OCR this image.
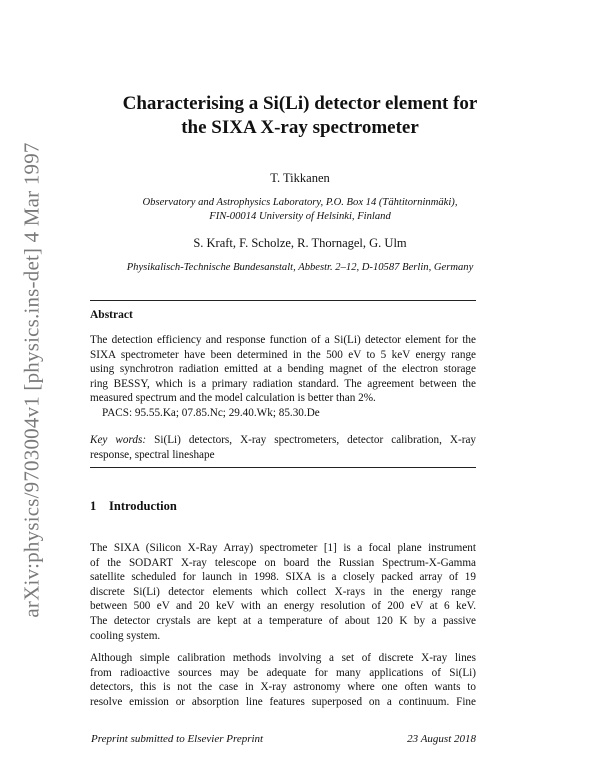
arXiv:physics/9703004v1 [physics.ins-det] 4 Mar 1997
Characterising a Si(Li) detector element for
the SIXA X-ray spectrometer
T. Tikkanen
Observatory and Astrophysics Laboratory, P.O. Box 14 (Tähtitorninmäki),
FIN-00014 University of Helsinki, Finland
S. Kraft, F. Scholze, R. Thornagel, G. Ulm
Physikalisch-Technische Bundesanstalt, Abbestr. 2–12, D-10587 Berlin, Germany
Abstract
The detection efficiency and response function of a Si(Li) detector element for the
SIXA spectrometer have been determined in the 500 eV to 5 keV energy range
using synchrotron radiation emitted at a bending magnet of the electron storage
ring BESSY, which is a primary radiation standard. The agreement between the
measured spectrum and the model calculation is better than 2%.
PACS: 95.55.Ka; 07.85.Nc; 29.40.Wk; 85.30.De
Key words: Si(Li) detectors, X-ray spectrometers, detector calibration, X-ray
response, spectral lineshape
1 Introduction
The SIXA (Silicon X-Ray Array) spectrometer [1] is a focal plane instrument
of the SODART X-ray telescope on board the Russian Spectrum-X-Gamma
satellite scheduled for launch in 1998. SIXA is a closely packed array of 19
discrete Si(Li) detector elements which collect X-rays in the energy range
between 500 eV and 20 keV with an energy resolution of 200 eV at 6 keV.
The detector crystals are kept at a temperature of about 120 K by a passive
cooling system.
Although simple calibration methods involving a set of discrete X-ray lines
from radioactive sources may be adequate for many applications of Si(Li)
detectors, this is not the case in X-ray astronomy where one often wants to
resolve emission or absorption line features superposed on a continuum. Fine
Preprint submitted to Elsevier Preprint	23 August 2018
